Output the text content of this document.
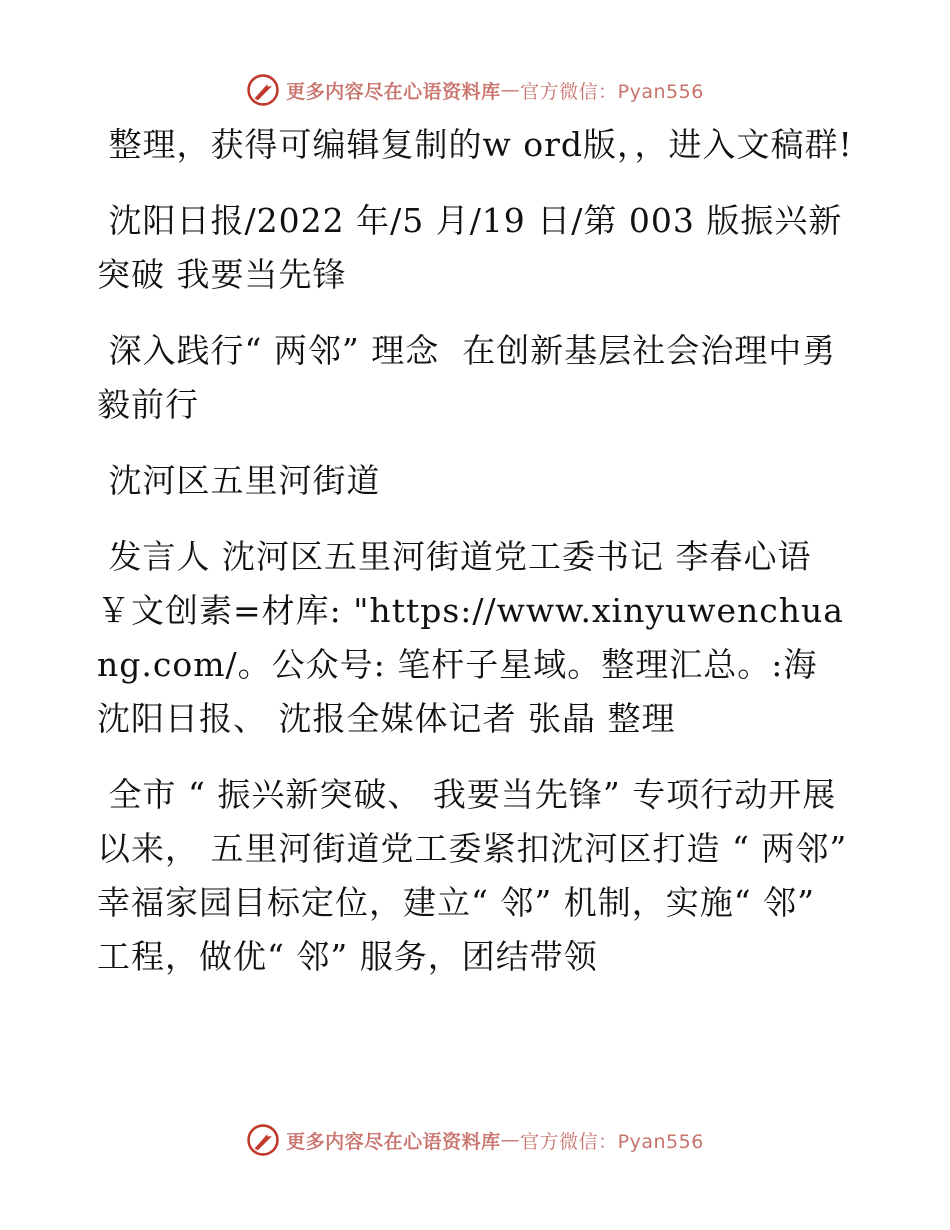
更多内容尽在心语资料库 — 官方微信：Pyan556

整理，获得可编辑复制的w ord版，，进入文稿群!

沈阳日报/2022 年/5 月/19 日/第 003 版振兴新突破 我要当先锋

深入践行“ 两邻” 理念  在创新基层社会治理中勇毅前行

沈河区五里河街道

发言人 沈河区五里河街道党工委书记 李春心语￥文创素=材库: "https://www.xinyuwenchuang.com/。公众号: 笔杆子星域。整理汇总。:海 沈阳日报、 沈报全媒体记者 张晶 整理

全市 “ 振兴新突破、 我要当先锋” 专项行动开展以来， 五里河街道党工委紧扣沈河区打造 “ 两邻” 幸福家园目标定位，建立“ 邻” 机制，实施“ 邻” 工程，做优“ 邻” 服务，团结带领

更多内容尽在心语资料库 — 官方微信：Pyan556
